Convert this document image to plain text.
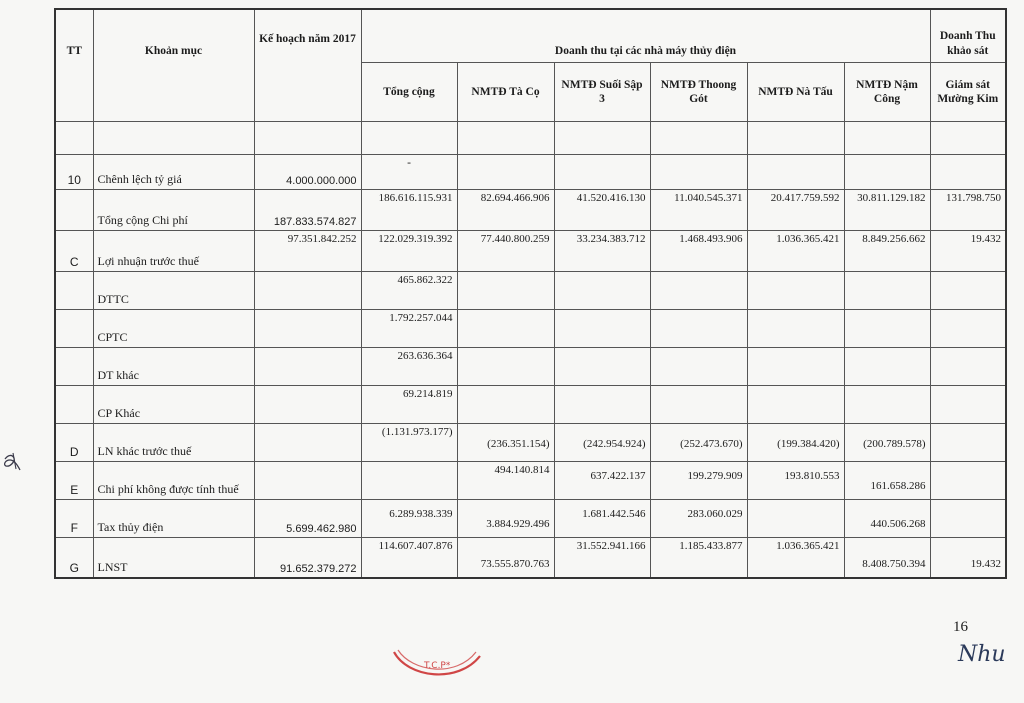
TT	Khoản mục	Kế hoạch năm 2017	Doanh thu tại các nhà máy thủy điện						Doanh Thu khảo sát
			Tổng cộng	NMTĐ Tà Cọ	NMTĐ Suối Sập 3	NMTĐ Thoong Gót	NMTĐ Nà Tấu	NMTĐ Nậm Công	Giám sát Mường Kim

10	Chênh lệch tỷ giá	4.000.000.000	-						
	Tổng cộng Chi phí	187.833.574.827	186.616.115.931	82.694.466.906	41.520.416.130	11.040.545.371	20.417.759.592	30.811.129.182	131.798.750
C	Lợi nhuận trước thuế	97.351.842.252	122.029.319.392	77.440.800.259	33.234.383.712	1.468.493.906	1.036.365.421	8.849.256.662	19.432
	DTTC		465.862.322						
	CPTC		1.792.257.044						
	DT khác		263.636.364						
	CP Khác		69.214.819						
D	LN khác trước thuế		(1.131.973.177)	(236.351.154)	(242.954.924)	(252.473.670)	(199.384.420)	(200.789.578)	
E	Chi phí không được tính thuế			494.140.814	637.422.137	199.279.909	193.810.553	161.658.286	
F	Tax thủy điện	5.699.462.980	6.289.938.339	3.884.929.496	1.681.442.546	283.060.029		440.506.268	
G	LNST	91.652.379.272	114.607.407.876	73.555.870.763	31.552.941.166	1.185.433.877	1.036.365.421	8.408.750.394	19.432
16
Nhu
T.C.P*
